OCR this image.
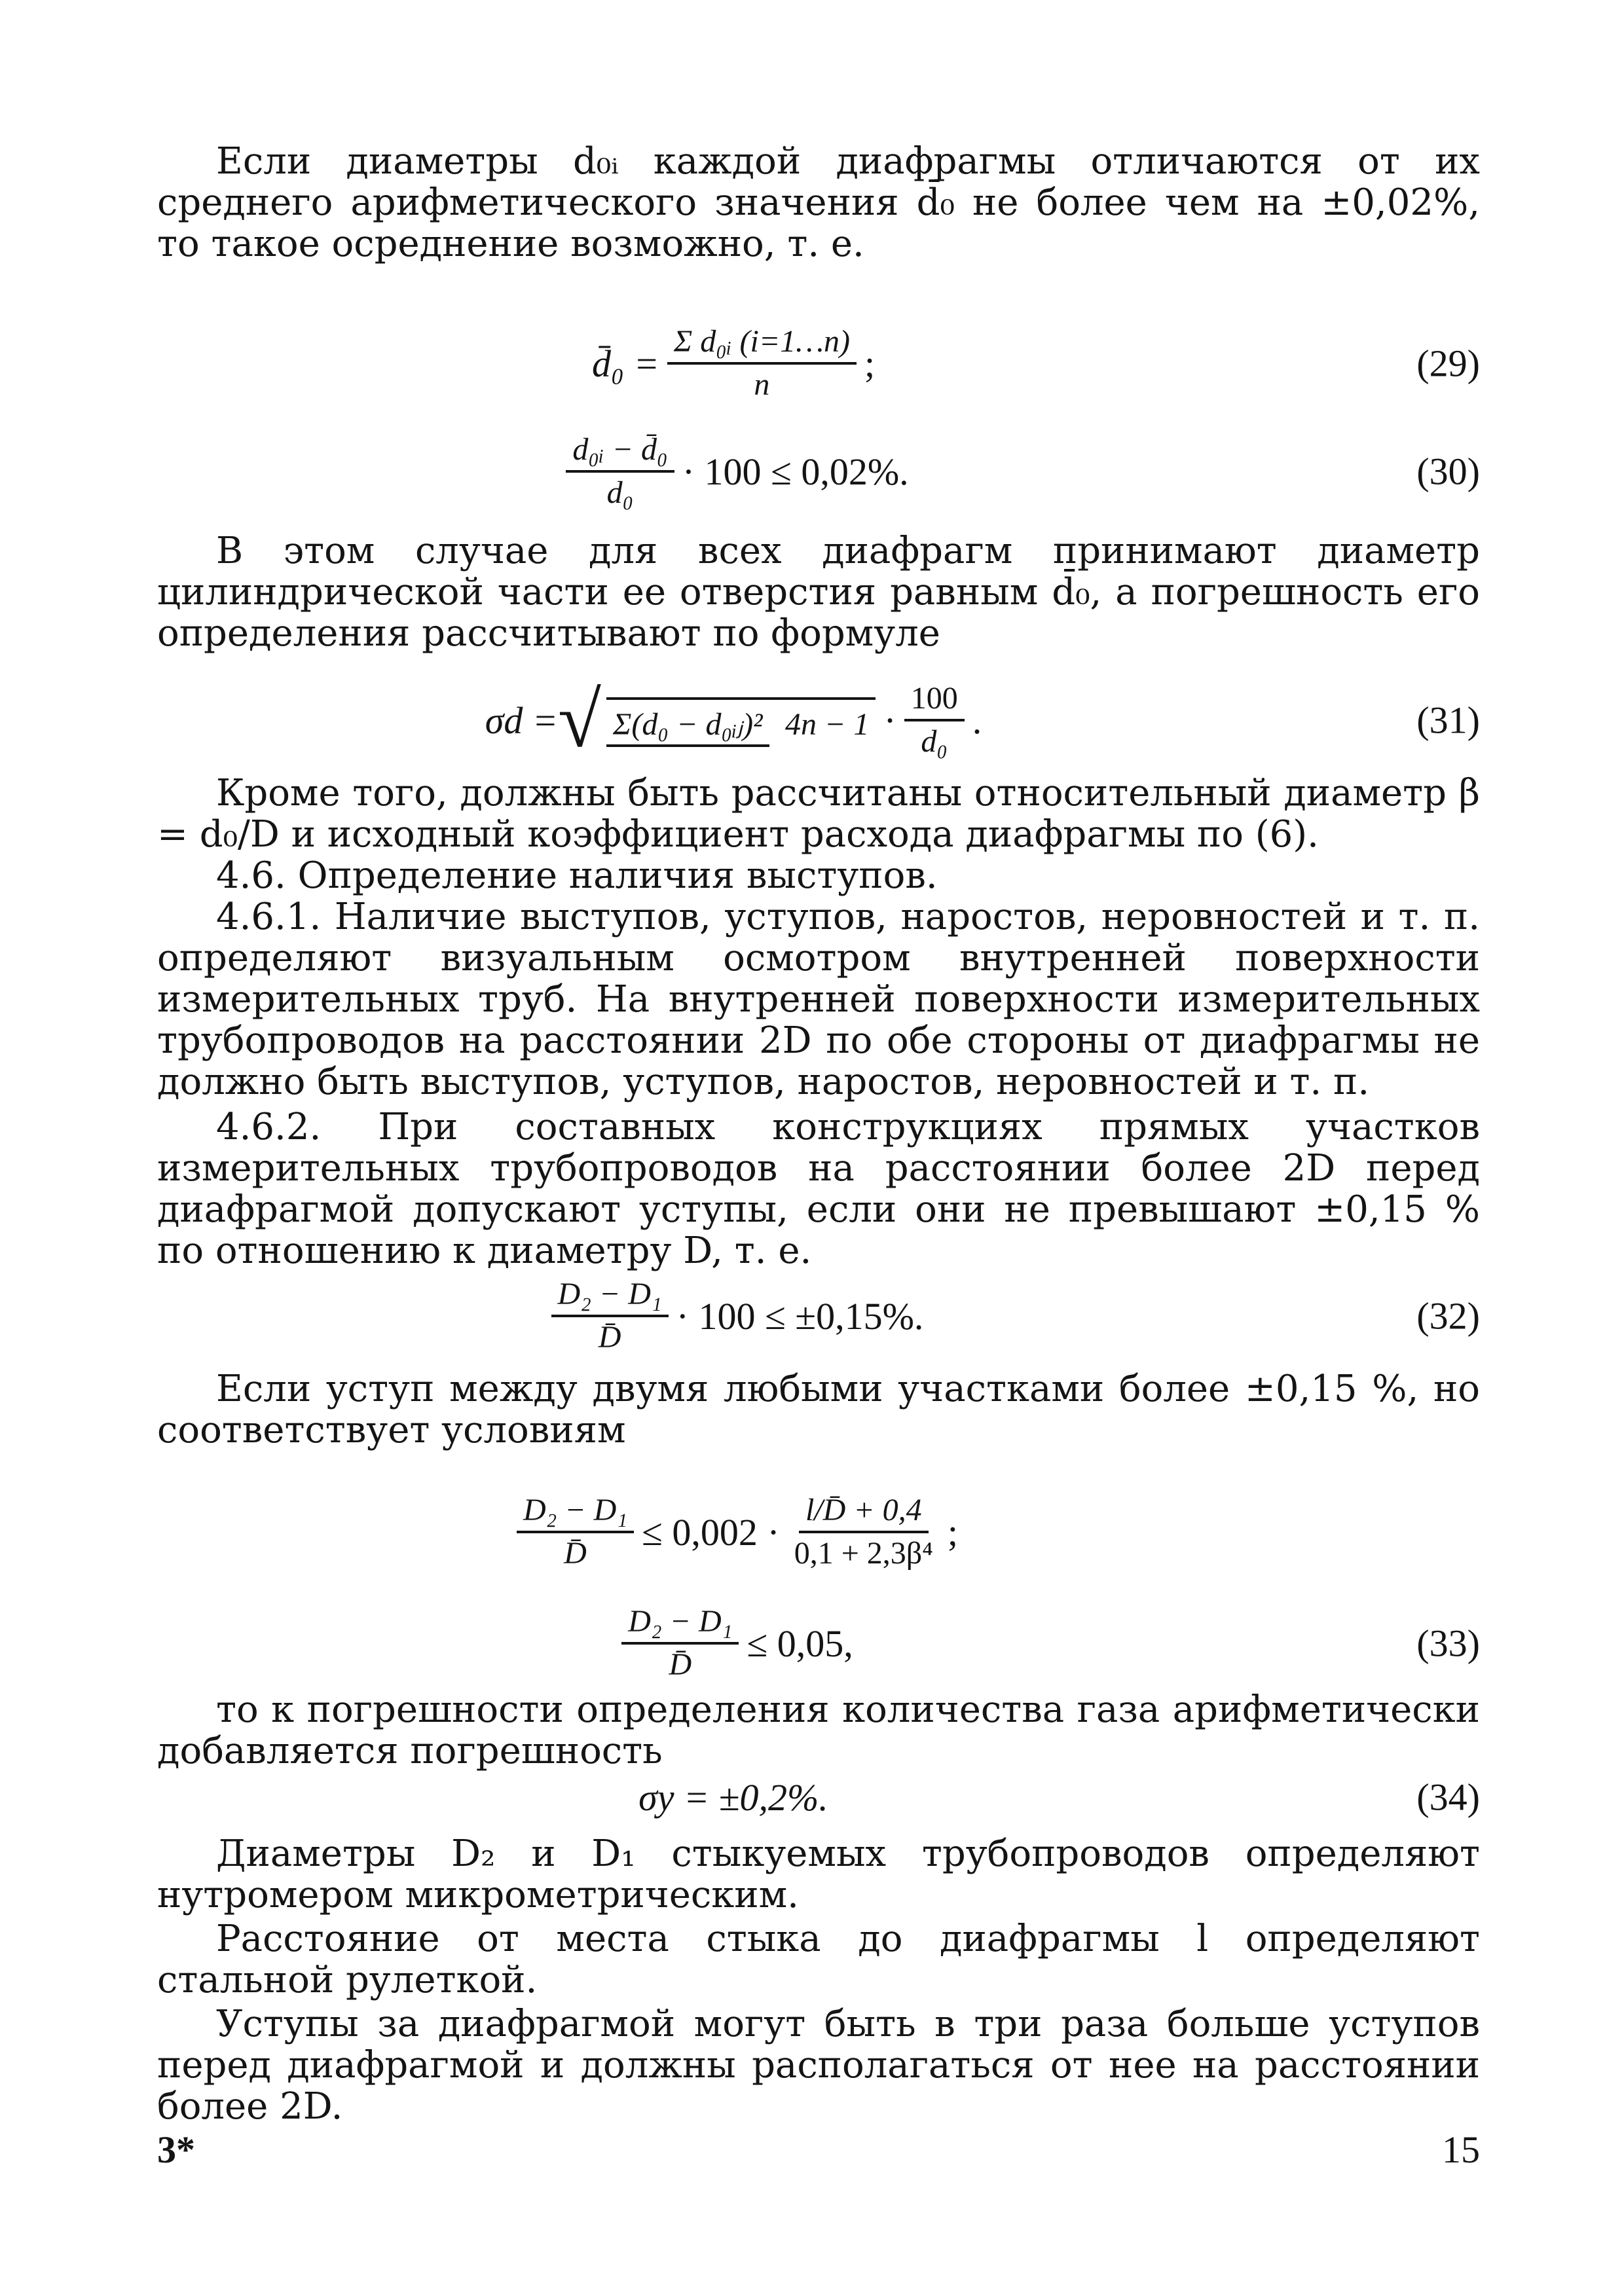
Если диаметры d₀ᵢ каждой диафрагмы отличаются от их среднего арифметического значения d̄₀ не более чем на ±0,02%, то такое осреднение возможно, т. е.
d̄₀ = $\frac{\text{Σ d₀ᵢ (i=1…n)}}{n}$ ;	(29)
$\frac{\text{d₀ᵢ − d̄₀}}{\text{d₀}} \cdot 100 \le 0,02\%$.	(30)
В этом случае для всех диафрагм принимают диаметр цилиндрической части ее отверстия равным d̄₀, а погрешность его определения рассчитывают по формуле
σd = √ Σ(d₀ − d₀ᵢⱼ)² $4n - 1 \cdot \frac{100}{\text{d₀}}$ .	(31)
Кроме того, должны быть рассчитаны относительный диаметр β = d₀/D и исходный коэффициент расхода диафрагмы по (6).
4.6. Определение наличия выступов.
4.6.1. Наличие выступов, уступов, наростов, неровностей и т. п. определяют визуальным осмотром внутренней поверхности измерительных труб. На внутренней поверхности измерительных трубопроводов на расстоянии 2D по обе стороны от диафрагмы не должно быть выступов, уступов, наростов, неровностей и т. п.
4.6.2. При составных конструкциях прямых участков измерительных трубопроводов на расстоянии более 2D перед диафрагмой допускают уступы, если они не превышают ±0,15 % по отношению к диаметру D, т. е.
$\frac{\text{D₂ − D₁}}{D̄} \cdot 100 \le \pm 0,15\%$.	(32)
Если уступ между двумя любыми участками более ±0,15 %, но соответствует условиям
$\frac{\text{D₂ − D₁}}{D̄} \le 0,002 \cdot \frac{l/D̄ + 0,4}{\text{0,1 + 2,3β⁴}}$ ;
$\frac{\text{D₂ − D₁}}{D̄} \le 0,05$,	(33)
то к погрешности определения количества газа арифметически добавляется погрешность
σy = ±0,2%.	(34)
Диаметры D₂ и D₁ стыкуемых трубопроводов определяют нутромером микрометрическим.
Расстояние от места стыка до диафрагмы l определяют стальной рулеткой.
Уступы за диафрагмой могут быть в три раза больше уступов перед диафрагмой и должны располагаться от нее на расстоянии более 2D.
3*	15
